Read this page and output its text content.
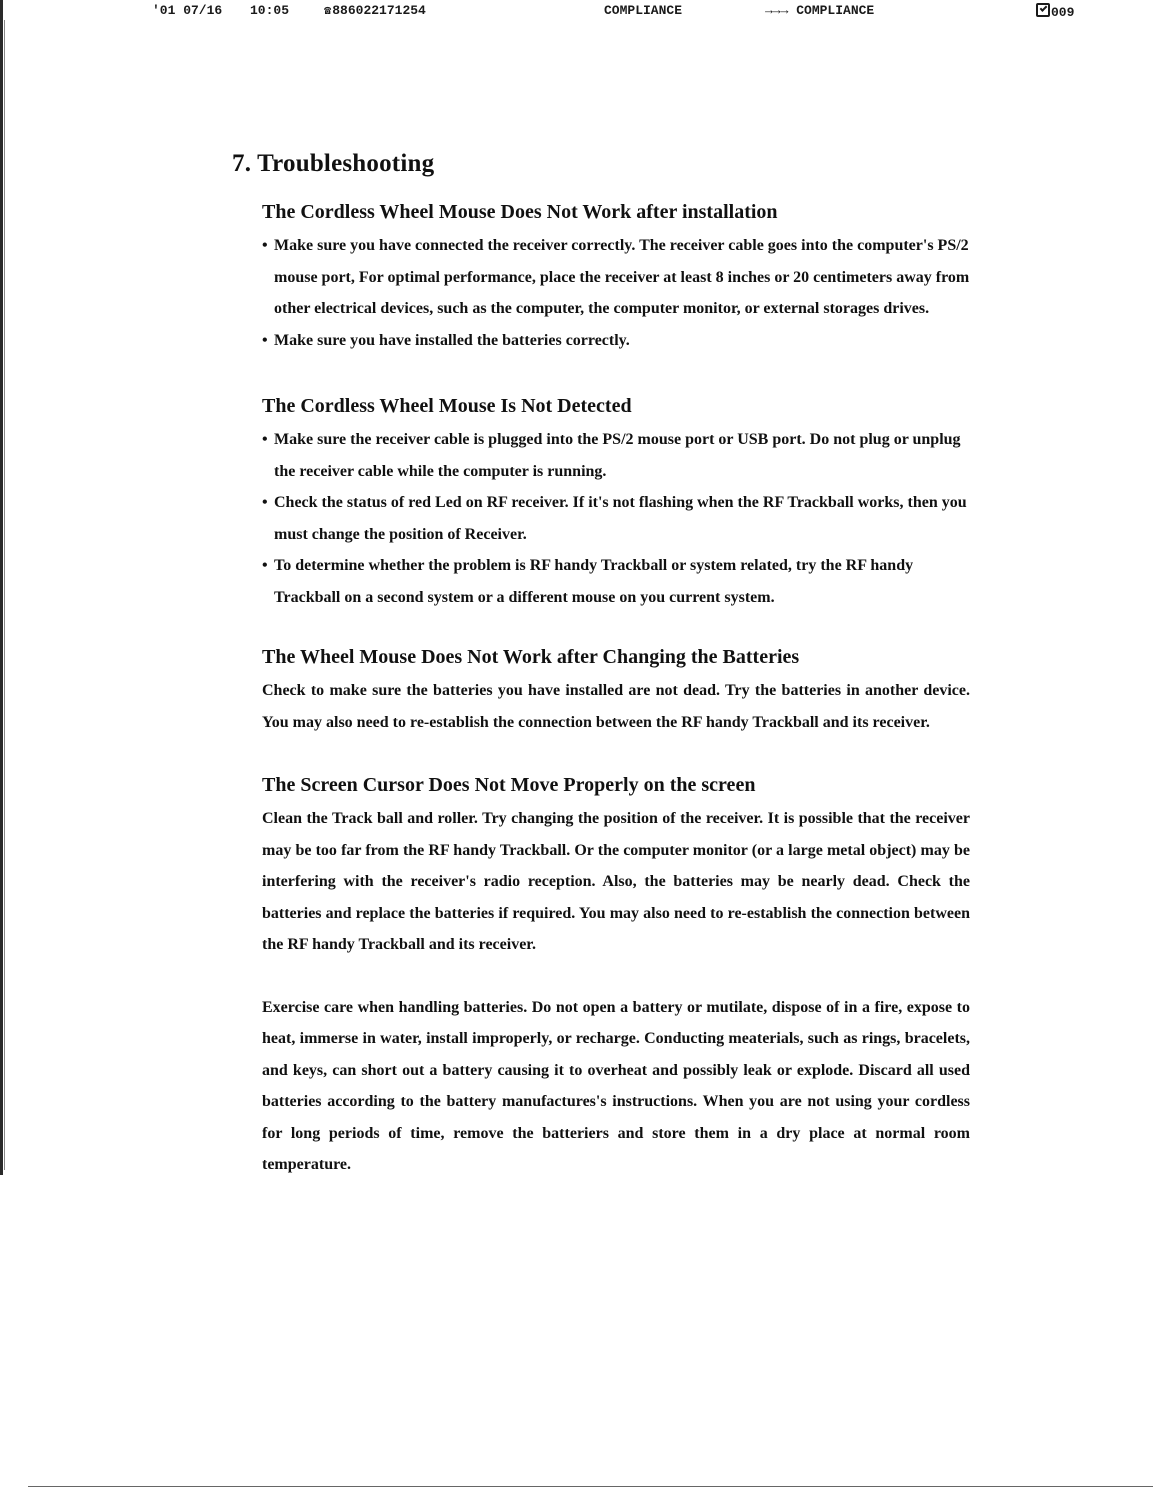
'01 07/16 10:05	☎886022171254	COMPLIANCE	→→→ COMPLIANCE	009
7. Troubleshooting
The Cordless Wheel Mouse Does Not Work after installation

• Make sure you have connected the receiver correctly. The receiver cable goes into the computer's PS/2 mouse port, For optimal performance, place the receiver at least 8 inches or 20 centimeters away from other electrical devices, such as the computer, the computer monitor, or external storages drives.

• Make sure you have installed the batteries correctly.

The Cordless Wheel Mouse Is Not Detected

• Make sure the receiver cable is plugged into the PS/2 mouse port or USB port. Do not plug or unplug the receiver cable while the computer is running.

• Check the status of red Led on RF receiver. If it's not flashing when the RF Trackball works, then you must change the position of Receiver.

• To determine whether the problem is RF handy Trackball or system related, try the RF handy Trackball on a second system or a different mouse on you current system.

The Wheel Mouse Does Not Work after Changing the Batteries

Check to make sure the batteries you have installed are not dead. Try the batteries in another device. You may also need to re-establish the connection between the RF handy Trackball and its receiver.

The Screen Cursor Does Not Move Properly on the screen

Clean the Track ball and roller. Try changing the position of the receiver. It is possible that the receiver may be too far from the RF handy Trackball. Or the computer monitor (or a large metal object) may be interfering with the receiver's radio reception. Also, the batteries may be nearly dead. Check the batteries and replace the batteries if required. You may also need to re-establish the connection between the RF handy Trackball and its receiver.

Exercise care when handling batteries. Do not open a battery or mutilate, dispose of in a fire, expose to heat, immerse in water, install improperly, or recharge. Conducting meaterials, such as rings, bracelets, and keys, can short out a battery causing it to overheat and possibly leak or explode. Discard all used batteries according to the battery manufactures's instructions. When you are not using your cordless for long periods of time, remove the batteriers and store them in a dry place at normal room temperature.
